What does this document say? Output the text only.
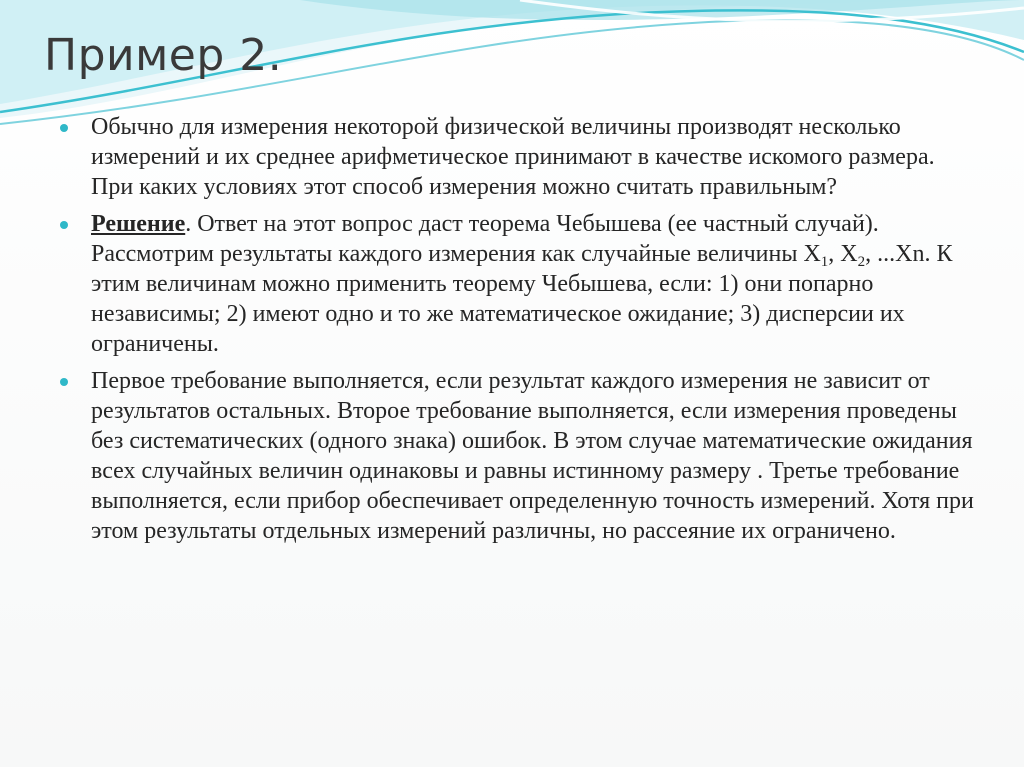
Пример 2.
Обычно для измерения некоторой физической величины производят несколько измерений и их среднее арифметическое принимают в качестве искомого размера. При каких условиях этот способ измерения можно считать правильным?
Решение. Ответ на этот вопрос даст теорема Чебышева (ее частный случай). Рассмотрим результаты каждого измерения как случайные величины $X_1$, $X_2$, ...Xn. К этим величинам можно применить теорему Чебышева, если: 1) они попарно независимы; 2) имеют одно и то же математическое ожидание; 3) дисперсии их ограничены.
Первое требование выполняется, если результат каждого измерения не зависит от результатов остальных. Второе требование выполняется, если измерения проведены без систематических (одного знака) ошибок. В этом случае математические ожидания всех случайных величин одинаковы и равны истинному размеру . Третье требование выполняется, если прибор обеспечивает определенную точность измерений. Хотя при этом результаты отдельных измерений различны, но рассеяние их ограничено.
